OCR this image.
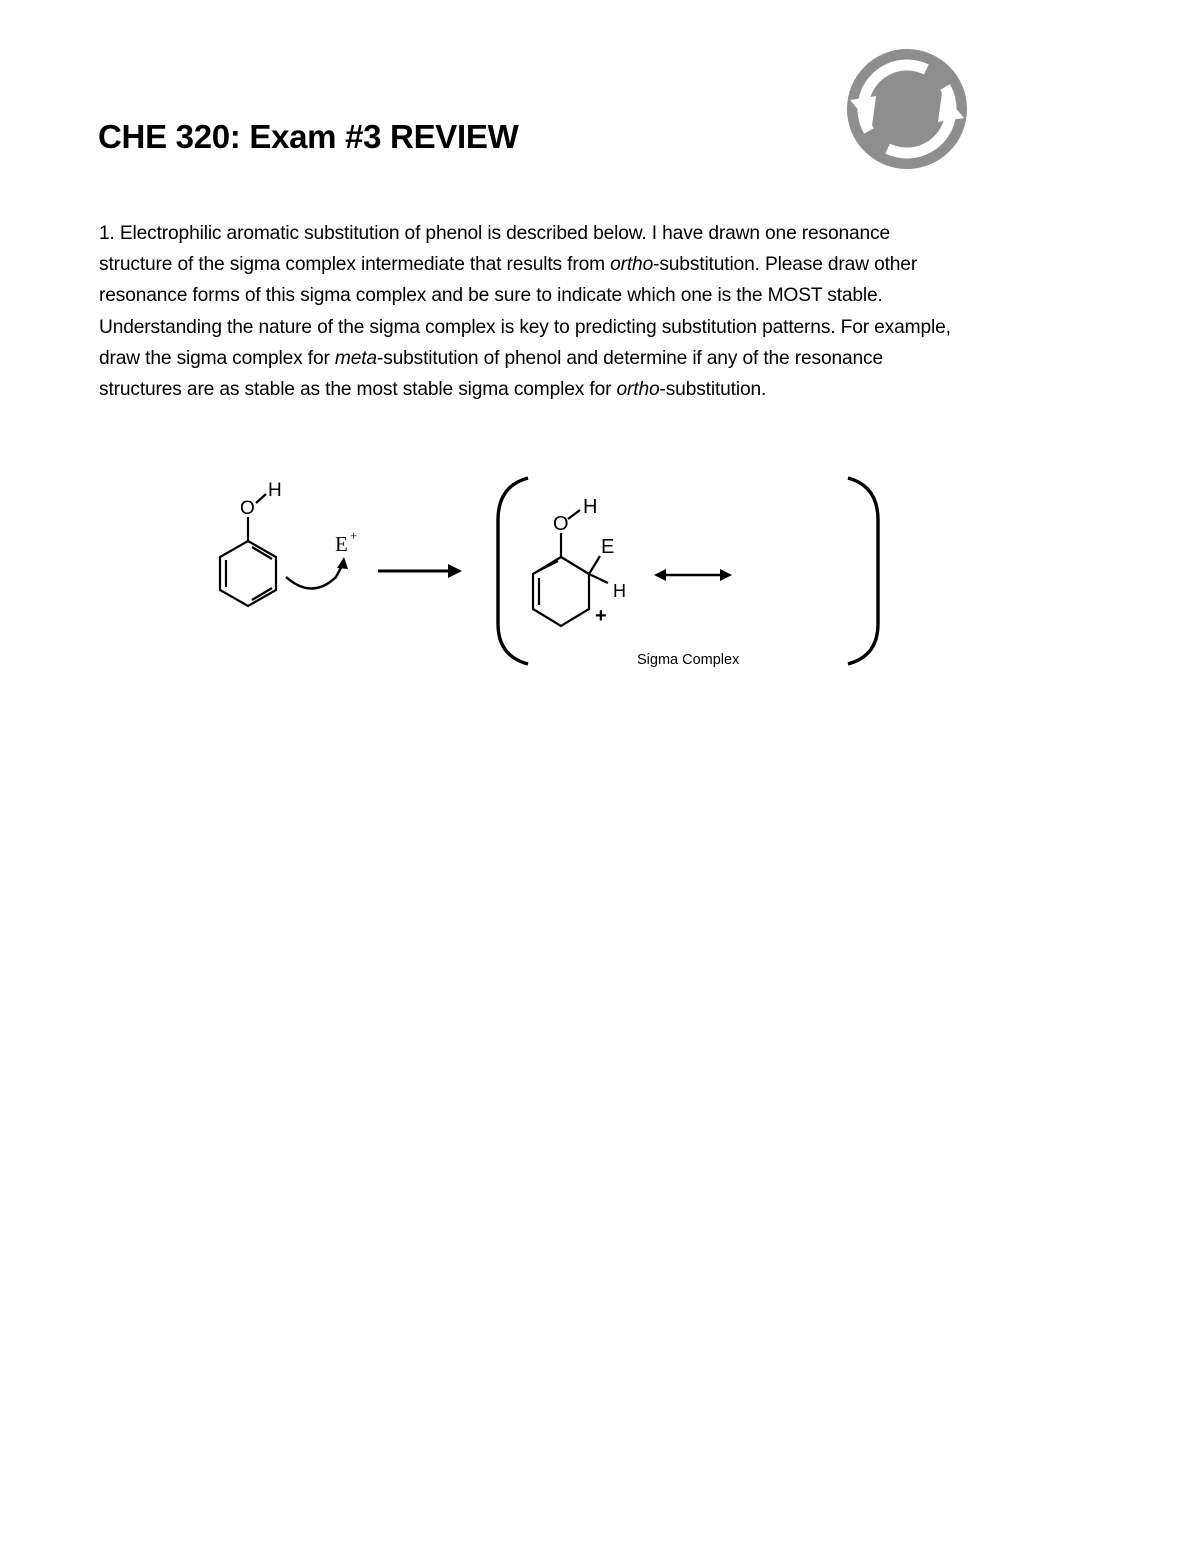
CHE 320: Exam #3 REVIEW

1. Electrophilic aromatic substitution of phenol is described below. I have drawn one resonance
structure of the sigma complex intermediate that results from ortho-substitution. Please draw other
resonance forms of this sigma complex and be sure to indicate which one is the MOST stable.
Understanding the nature of the sigma complex is key to predicting substitution patterns. For example,
draw the sigma complex for meta-substitution of phenol and determine if any of the resonance
structures are as stable as the most stable sigma complex for ortho-substitution.

O
H
E +
O
H
E
H
+
Sigma Complex
